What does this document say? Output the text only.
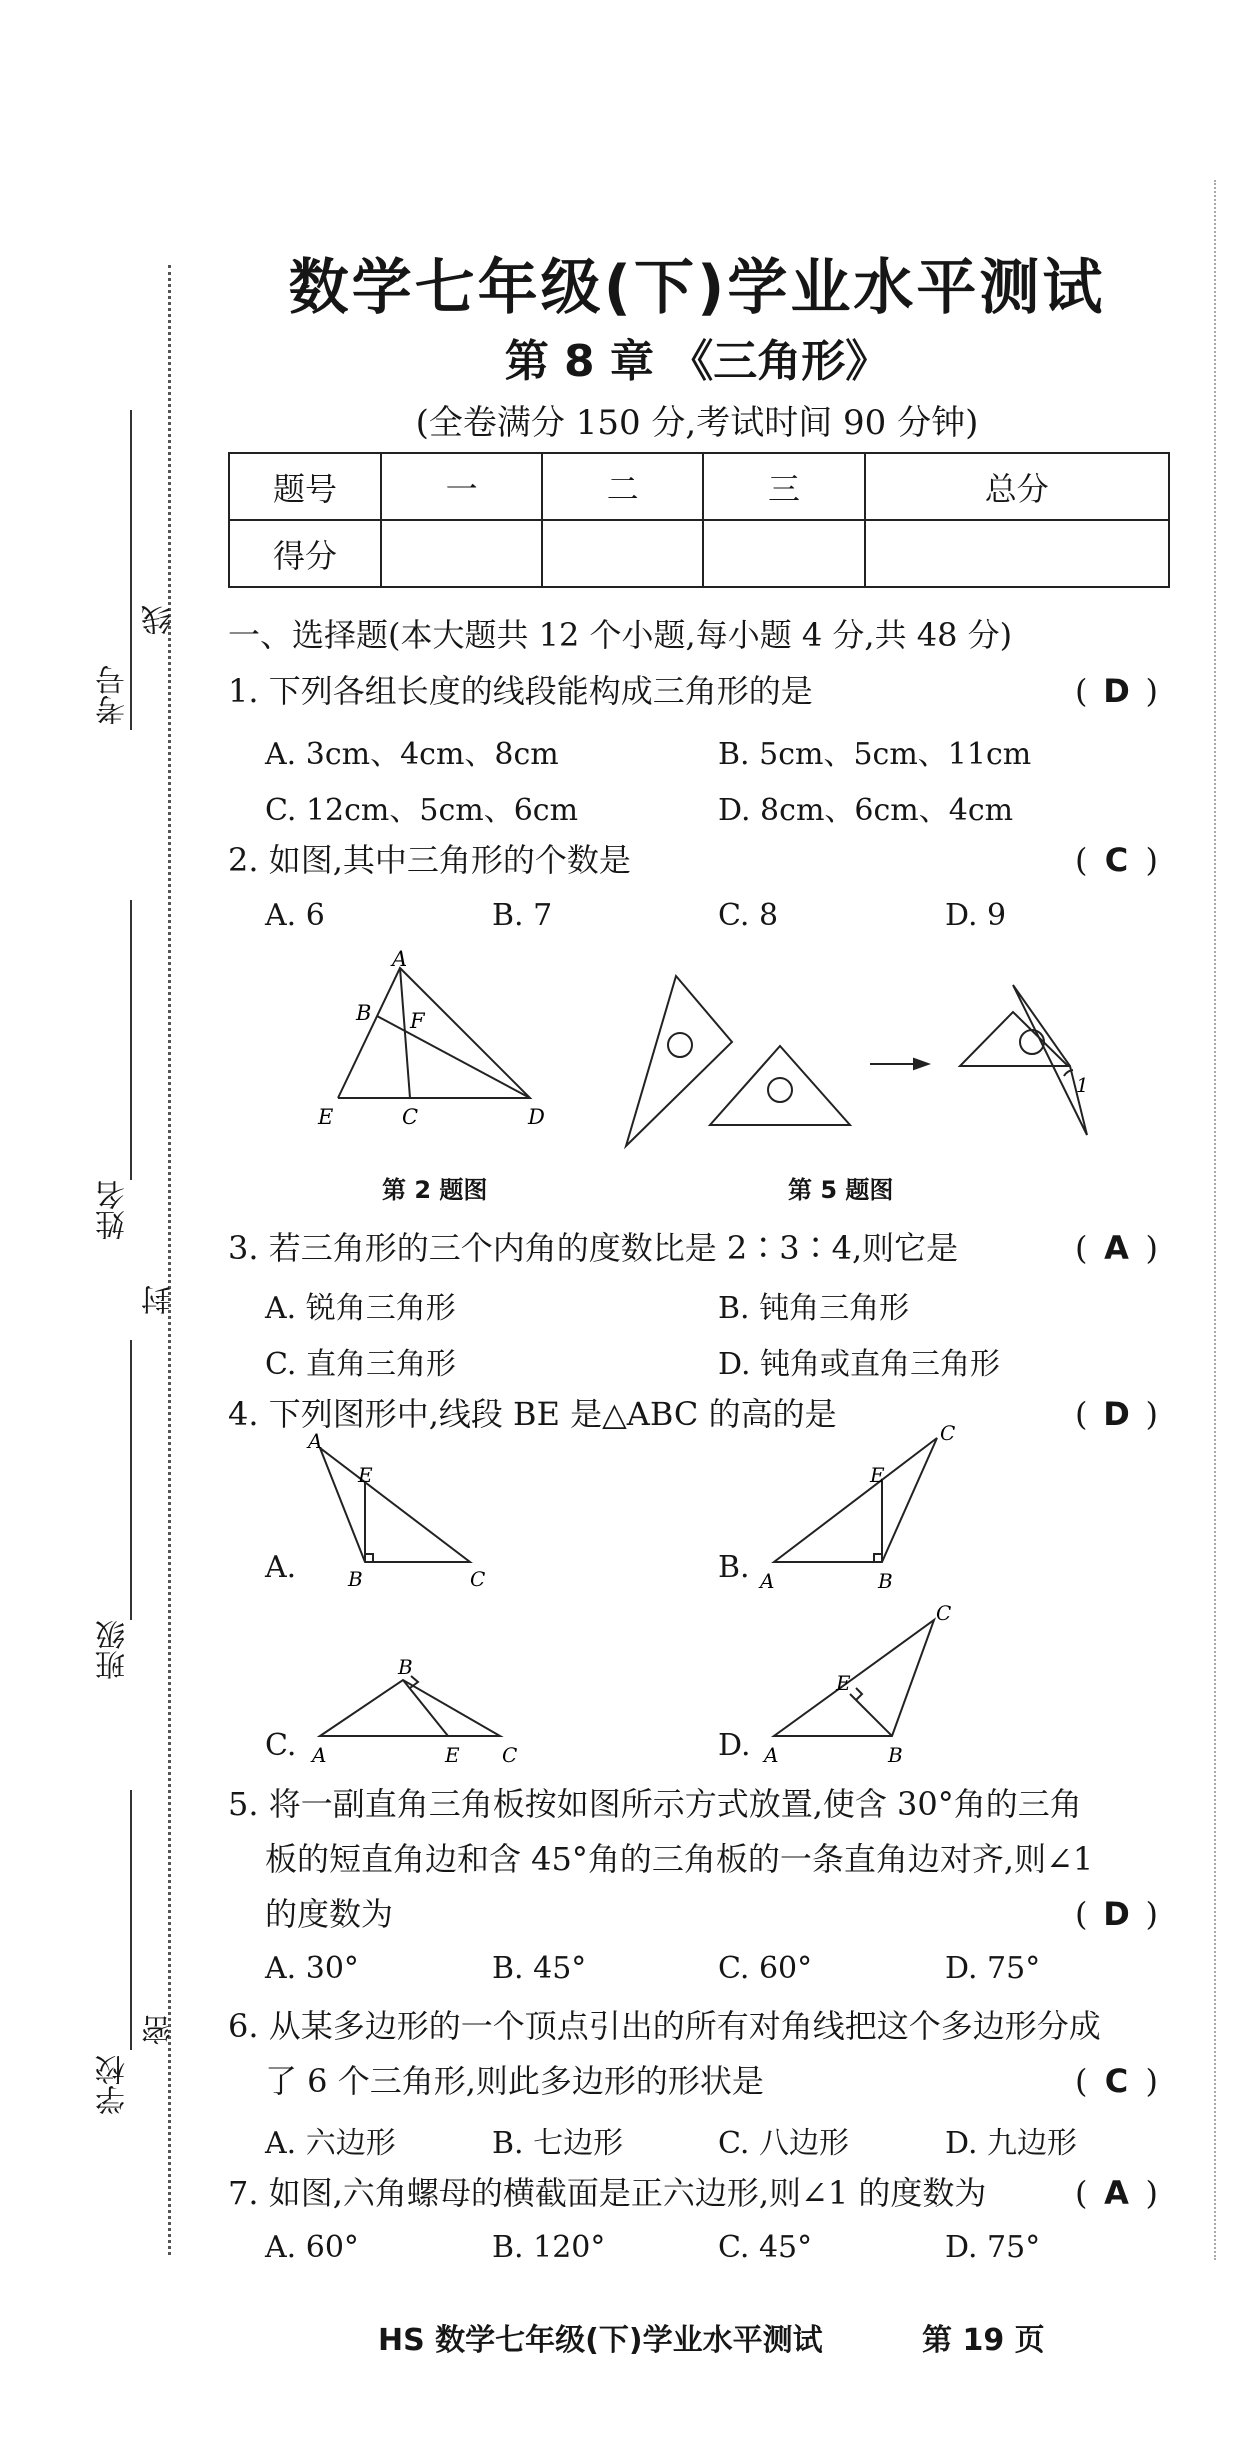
考号
线
姓名
封
班级
学校
密
数学七年级(下)学业水平测试
第 8 章 《三角形》
(全卷满分 150 分,考试时间 90 分钟)
题号	一	二	三	总分
得分				
一、选择题(本大题共 12 个小题,每小题 4 分,共 48 分)
1. 下列各组长度的线段能构成三角形的是	( D )
A. 3cm、4cm、8cm	B. 5cm、5cm、11cm
C. 12cm、5cm、6cm	D. 8cm、6cm、4cm
2. 如图,其中三角形的个数是	( C )
A. 6	B. 7	C. 8	D. 9
A
B F
E	C	D
第 2 题图
1
第 5 题图
3. 若三角形的三个内角的度数比是 2∶3∶4,则它是	( A )
A. 锐角三角形	B. 钝角三角形
C. 直角三角形	D. 钝角或直角三角形
4. 下列图形中,线段 BE 是△ABC 的高的是	( D )
A.
A
E
B	C	B. A
E
B
C
C. A
B
E C	D. A
E
B
C
5. 将一副直角三角板按如图所示方式放置,使含 30°角的三角
板的短直角边和含 45°角的三角板的一条直角边对齐,则∠1
的度数为	( D )
A. 30°	B. 45°	C. 60°	D. 75°
6. 从某多边形的一个顶点引出的所有对角线把这个多边形分成
了 6 个三角形,则此多边形的形状是	( C )
A. 六边形	B. 七边形	C. 八边形	D. 九边形
7. 如图,六角螺母的横截面是正六边形,则∠1 的度数为	( A )
A. 60°	B. 120°	C. 45°	D. 75°
HS 数学七年级(下)学业水平测试	第 19 页
